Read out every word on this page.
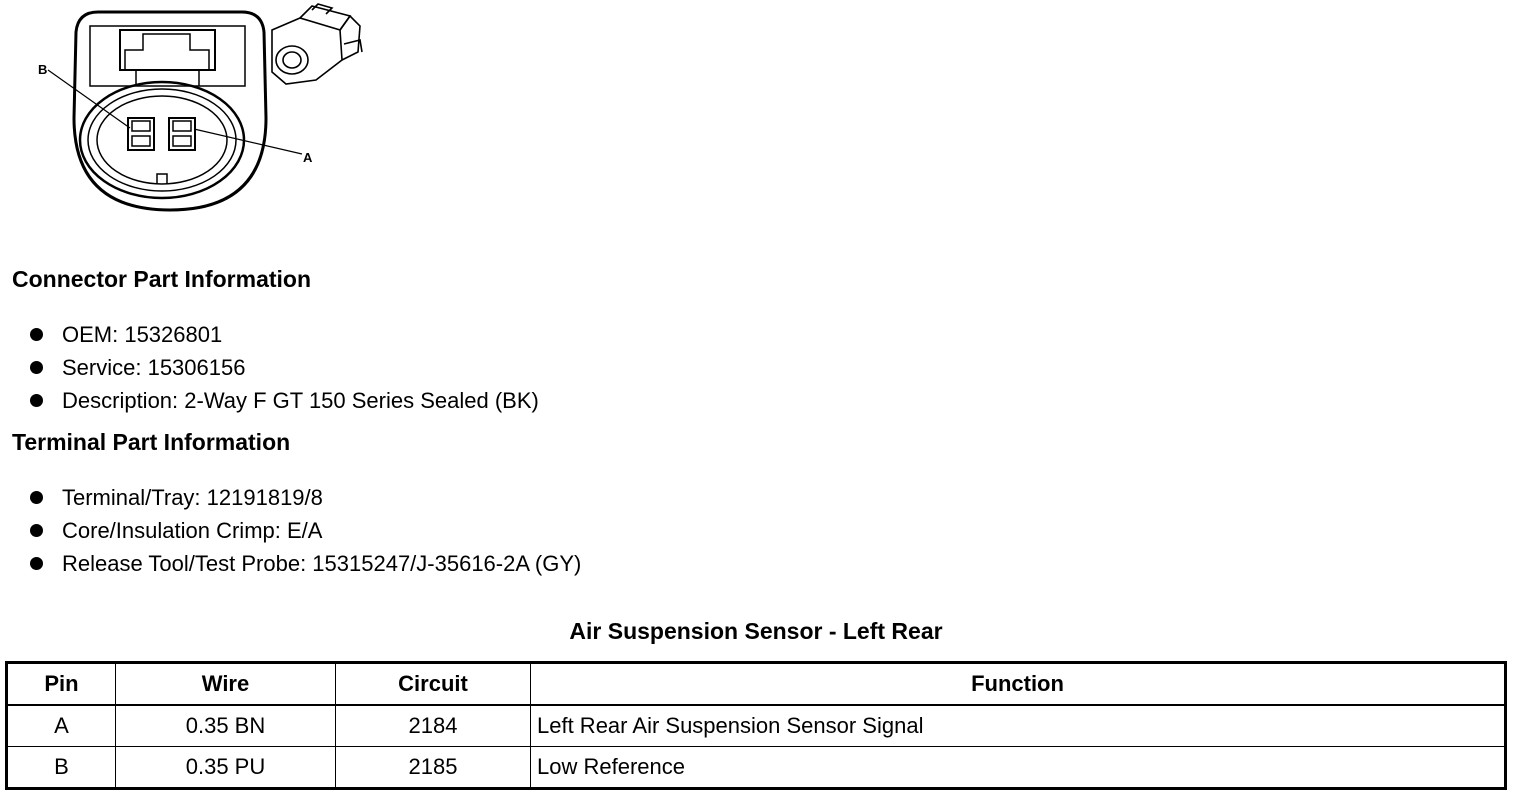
B
A
Connector Part Information
OEM: 15326801
Service: 15306156
Description: 2-Way F GT 150 Series Sealed (BK)
Terminal Part Information
Terminal/Tray: 12191819/8
Core/Insulation Crimp: E/A
Release Tool/Test Probe: 15315247/J-35616-2A (GY)
Air Suspension Sensor - Left Rear
Pin	Wire	Circuit	Function
A	0.35 BN	2184	Left Rear Air Suspension Sensor Signal
B	0.35 PU	2185	Low Reference
